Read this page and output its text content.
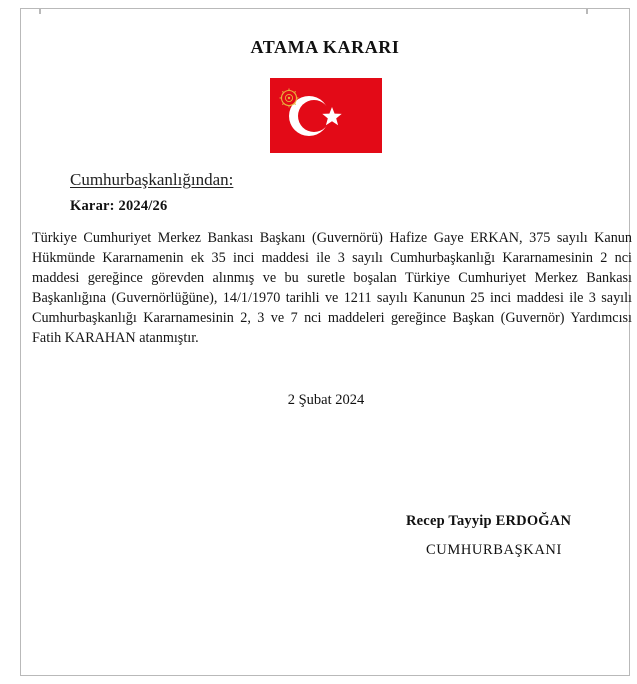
ATAMA KARARI
Cumhurbaşkanlığından:
Karar: 2024/26
Türkiye Cumhuriyet Merkez Bankası Başkanı (Guvernörü) Hafize Gaye ERKAN, 375 sayılı Kanun Hükmünde Kararnamenin ek 35 inci maddesi ile 3 sayılı Cumhurbaşkanlığı Kararnamesinin 2 nci maddesi gereğince görevden alınmış ve bu suretle boşalan Türkiye Cumhuriyet Merkez Bankası Başkanlığına (Guvernörlüğüne), 14/1/1970 tarihli ve 1211 sayılı Kanunun 25 inci maddesi ile 3 sayılı Cumhurbaşkanlığı Kararnamesinin 2, 3 ve 7 nci maddeleri gereğince Başkan (Guvernör) Yardımcısı Fatih KARAHAN atanmıştır.
2 Şubat 2024
Recep Tayyip ERDOĞAN
CUMHURBAŞKANI
